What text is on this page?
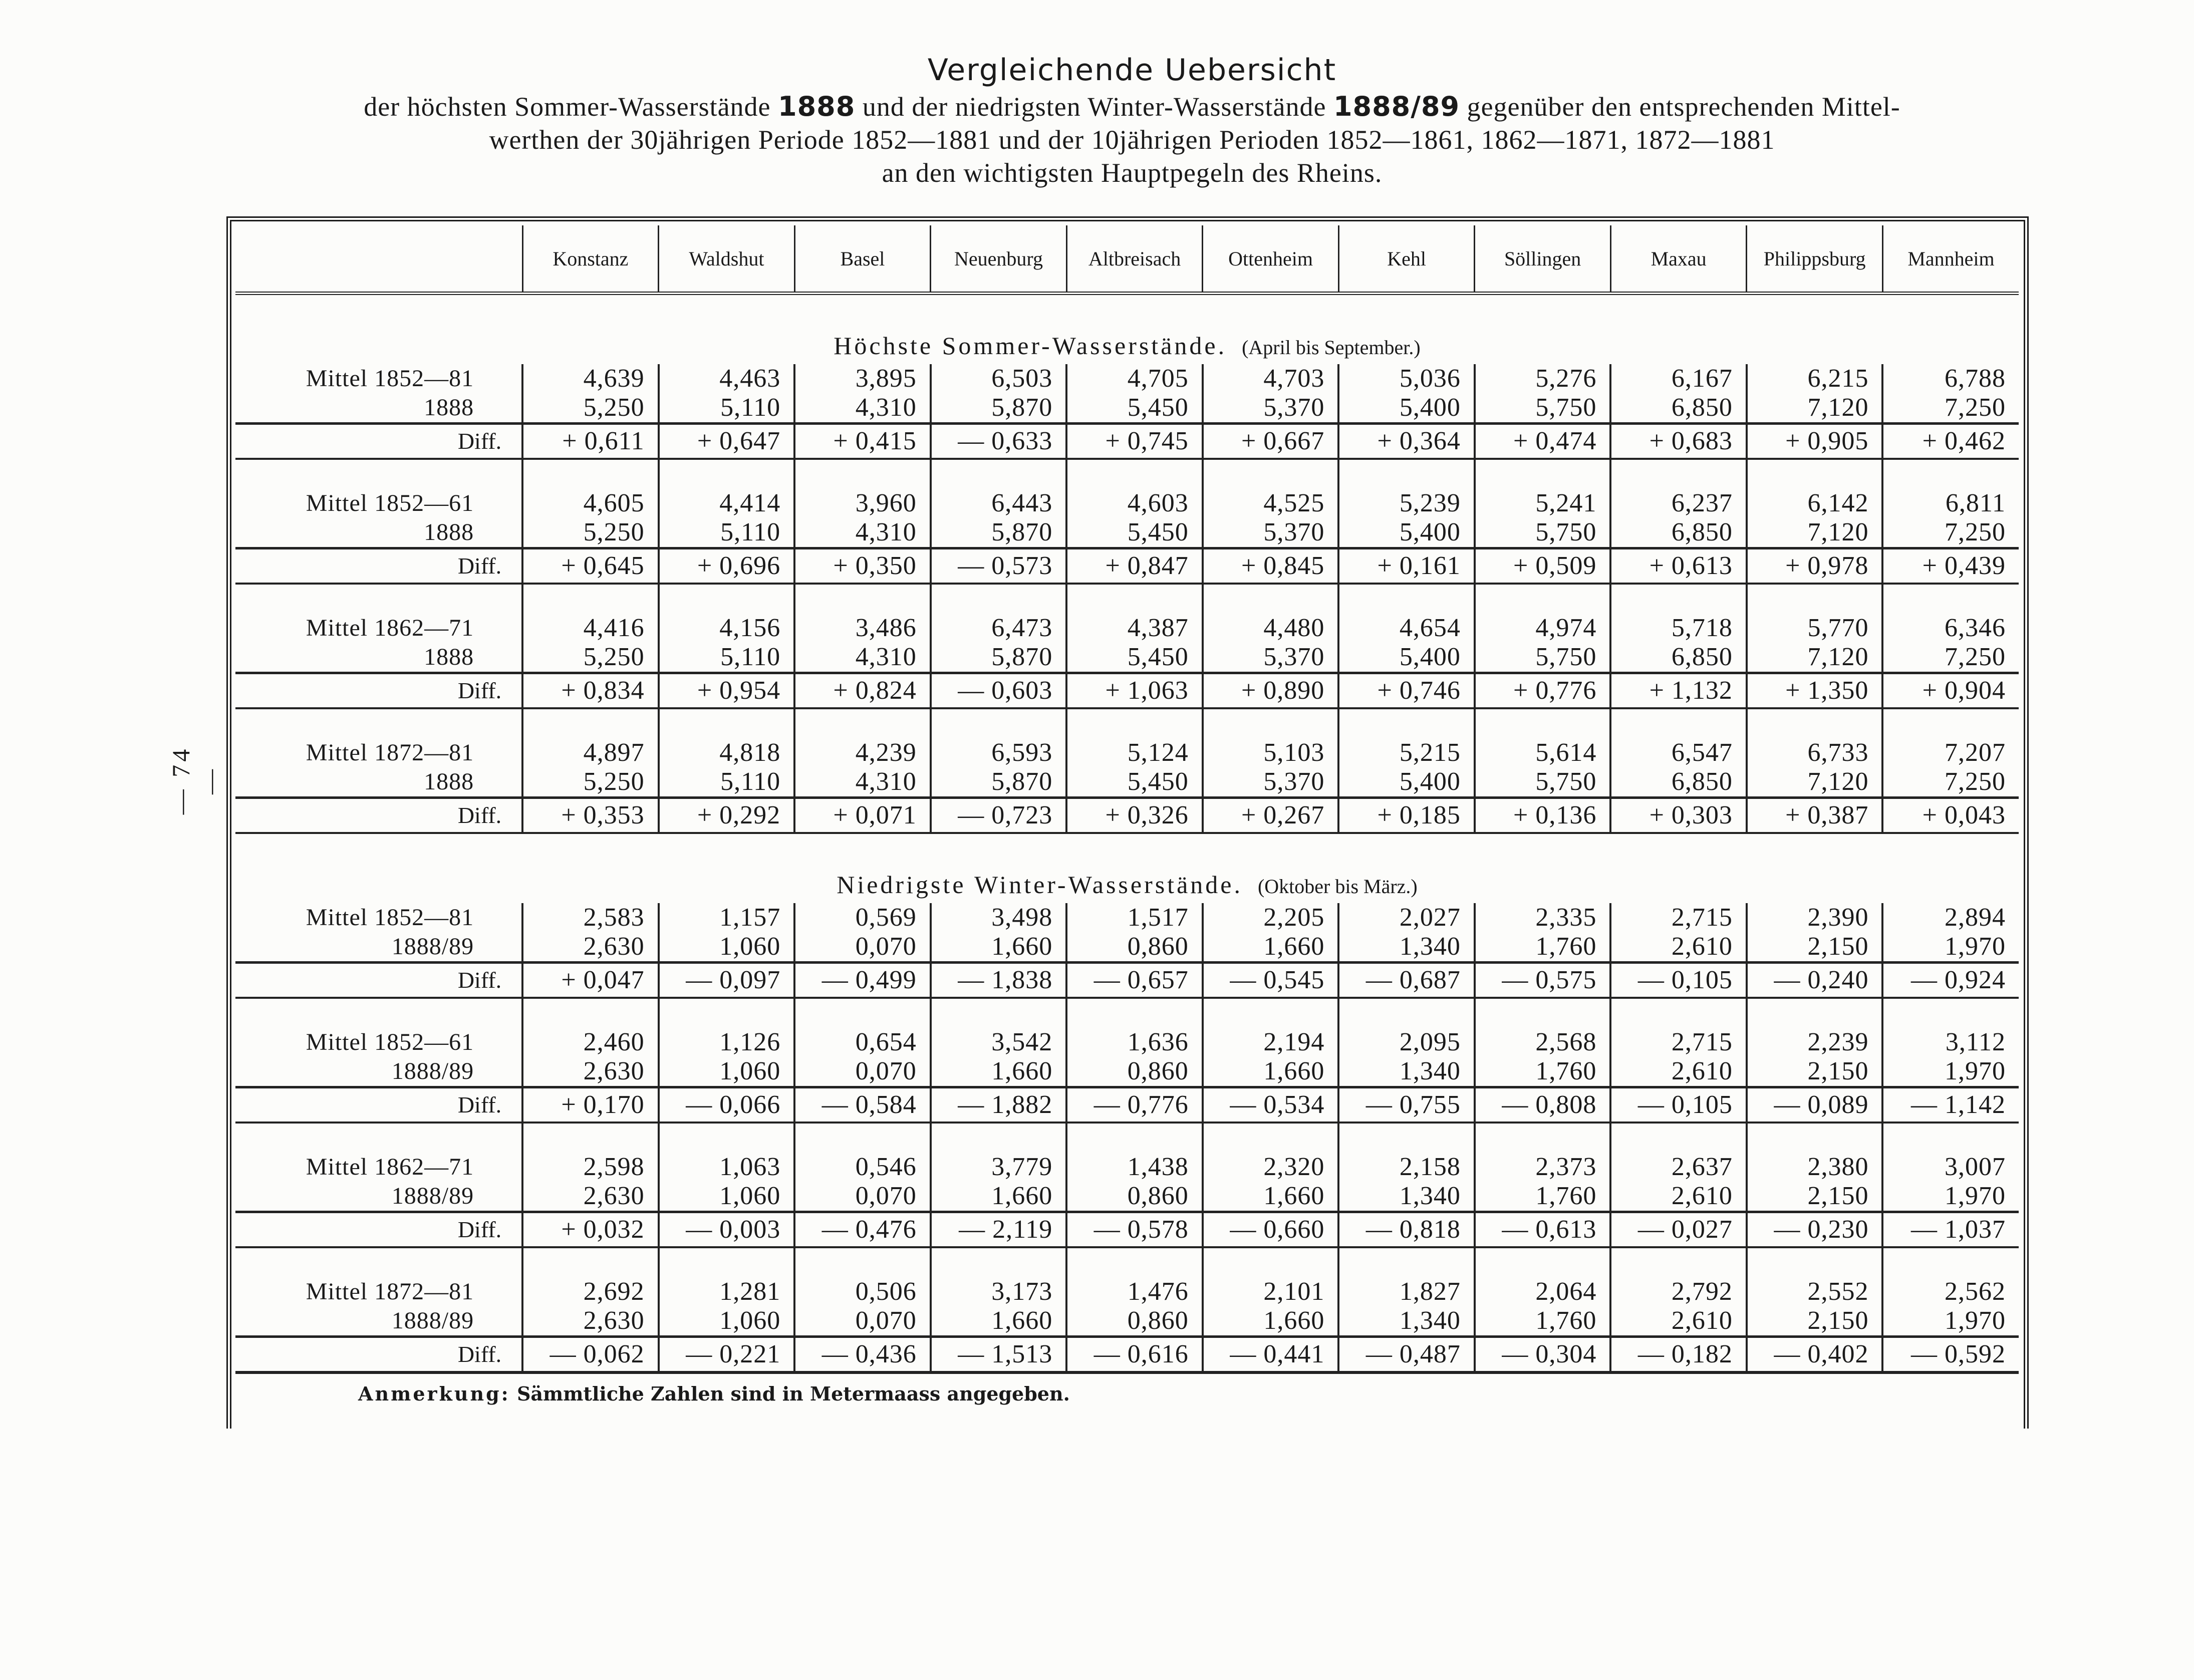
Vergleichende Uebersicht
der höchsten Sommer-Wasserstände 1888 und der niedrigsten Winter-Wasserstände 1888/89 gegenüber den entsprechenden Mittel-
werthen der 30jährigen Periode 1852—1881 und der 10jährigen Perioden 1852—1861, 1862—1871, 1872—1881
an den wichtigsten Hauptpegeln des Rheins.
— 74 —
	Konstanz	Waldshut	Basel	Neuenburg	Altbreisach	Ottenheim	Kehl	Söllingen	Maxau	Philippsburg	Mannheim
Höchste Sommer-Wasserstände. (April bis September.)											
Mittel 1852—81	4,639	4,463	3,895	6,503	4,705	4,703	5,036	5,276	6,167	6,215	6,788
1888	5,250	5,110	4,310	5,870	5,450	5,370	5,400	5,750	6,850	7,120	7,250
Diff.	+ 0,611	+ 0,647	+ 0,415	— 0,633	+ 0,745	+ 0,667	+ 0,364	+ 0,474	+ 0,683	+ 0,905	+ 0,462

Mittel 1852—61	4,605	4,414	3,960	6,443	4,603	4,525	5,239	5,241	6,237	6,142	6,811
1888	5,250	5,110	4,310	5,870	5,450	5,370	5,400	5,750	6,850	7,120	7,250
Diff.	+ 0,645	+ 0,696	+ 0,350	— 0,573	+ 0,847	+ 0,845	+ 0,161	+ 0,509	+ 0,613	+ 0,978	+ 0,439

Mittel 1862—71	4,416	4,156	3,486	6,473	4,387	4,480	4,654	4,974	5,718	5,770	6,346
1888	5,250	5,110	4,310	5,870	5,450	5,370	5,400	5,750	6,850	7,120	7,250
Diff.	+ 0,834	+ 0,954	+ 0,824	— 0,603	+ 1,063	+ 0,890	+ 0,746	+ 0,776	+ 1,132	+ 1,350	+ 0,904

Mittel 1872—81	4,897	4,818	4,239	6,593	5,124	5,103	5,215	5,614	6,547	6,733	7,207
1888	5,250	5,110	4,310	5,870	5,450	5,370	5,400	5,750	6,850	7,120	7,250
Diff.	+ 0,353	+ 0,292	+ 0,071	— 0,723	+ 0,326	+ 0,267	+ 0,185	+ 0,136	+ 0,303	+ 0,387	+ 0,043
Niedrigste Winter-Wasserstände. (Oktober bis März.)											
Mittel 1852—81	2,583	1,157	0,569	3,498	1,517	2,205	2,027	2,335	2,715	2,390	2,894
1888/89	2,630	1,060	0,070	1,660	0,860	1,660	1,340	1,760	2,610	2,150	1,970
Diff.	+ 0,047	— 0,097	— 0,499	— 1,838	— 0,657	— 0,545	— 0,687	— 0,575	— 0,105	— 0,240	— 0,924

Mittel 1852—61	2,460	1,126	0,654	3,542	1,636	2,194	2,095	2,568	2,715	2,239	3,112
1888/89	2,630	1,060	0,070	1,660	0,860	1,660	1,340	1,760	2,610	2,150	1,970
Diff.	+ 0,170	— 0,066	— 0,584	— 1,882	— 0,776	— 0,534	— 0,755	— 0,808	— 0,105	— 0,089	— 1,142

Mittel 1862—71	2,598	1,063	0,546	3,779	1,438	2,320	2,158	2,373	2,637	2,380	3,007
1888/89	2,630	1,060	0,070	1,660	0,860	1,660	1,340	1,760	2,610	2,150	1,970
Diff.	+ 0,032	— 0,003	— 0,476	— 2,119	— 0,578	— 0,660	— 0,818	— 0,613	— 0,027	— 0,230	— 1,037

Mittel 1872—81	2,692	1,281	0,506	3,173	1,476	2,101	1,827	2,064	2,792	2,552	2,562
1888/89	2,630	1,060	0,070	1,660	0,860	1,660	1,340	1,760	2,610	2,150	1,970
Diff.	— 0,062	— 0,221	— 0,436	— 1,513	— 0,616	— 0,441	— 0,487	— 0,304	— 0,182	— 0,402	— 0,592
Anmerkung: Sämmtliche Zahlen sind in Metermaass angegeben.
